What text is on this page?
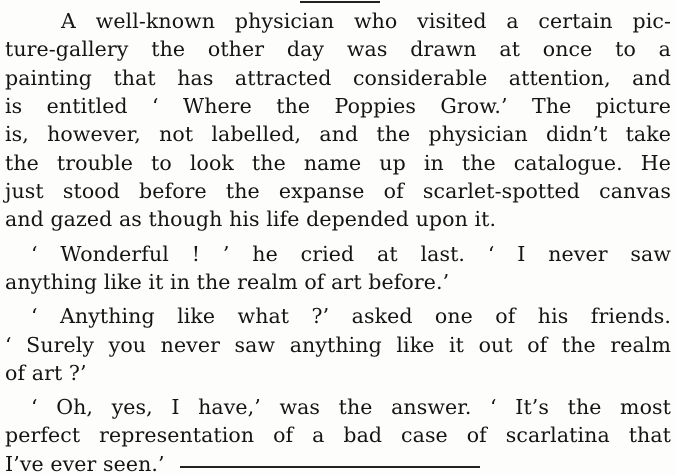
A well-known physician who visited a certain pic-
ture-gallery the other day was drawn at once to a
painting that has attracted considerable attention, and
is entitled ‘ Where the Poppies Grow.’ The picture
is, however, not labelled, and the physician didn’t take
the trouble to look the name up in the catalogue. He
just stood before the expanse of scarlet-spotted canvas
and gazed as though his life depended upon it.
‘ Wonderful ! ’ he cried at last. ‘ I never saw
anything like it in the realm of art before.’
‘ Anything like what ?’ asked one of his friends.
‘ Surely you never saw anything like it out of the realm
of art ?’
‘ Oh, yes, I have,’ was the answer. ‘ It’s the most
perfect representation of a bad case of scarlatina that
I’ve ever seen.’
